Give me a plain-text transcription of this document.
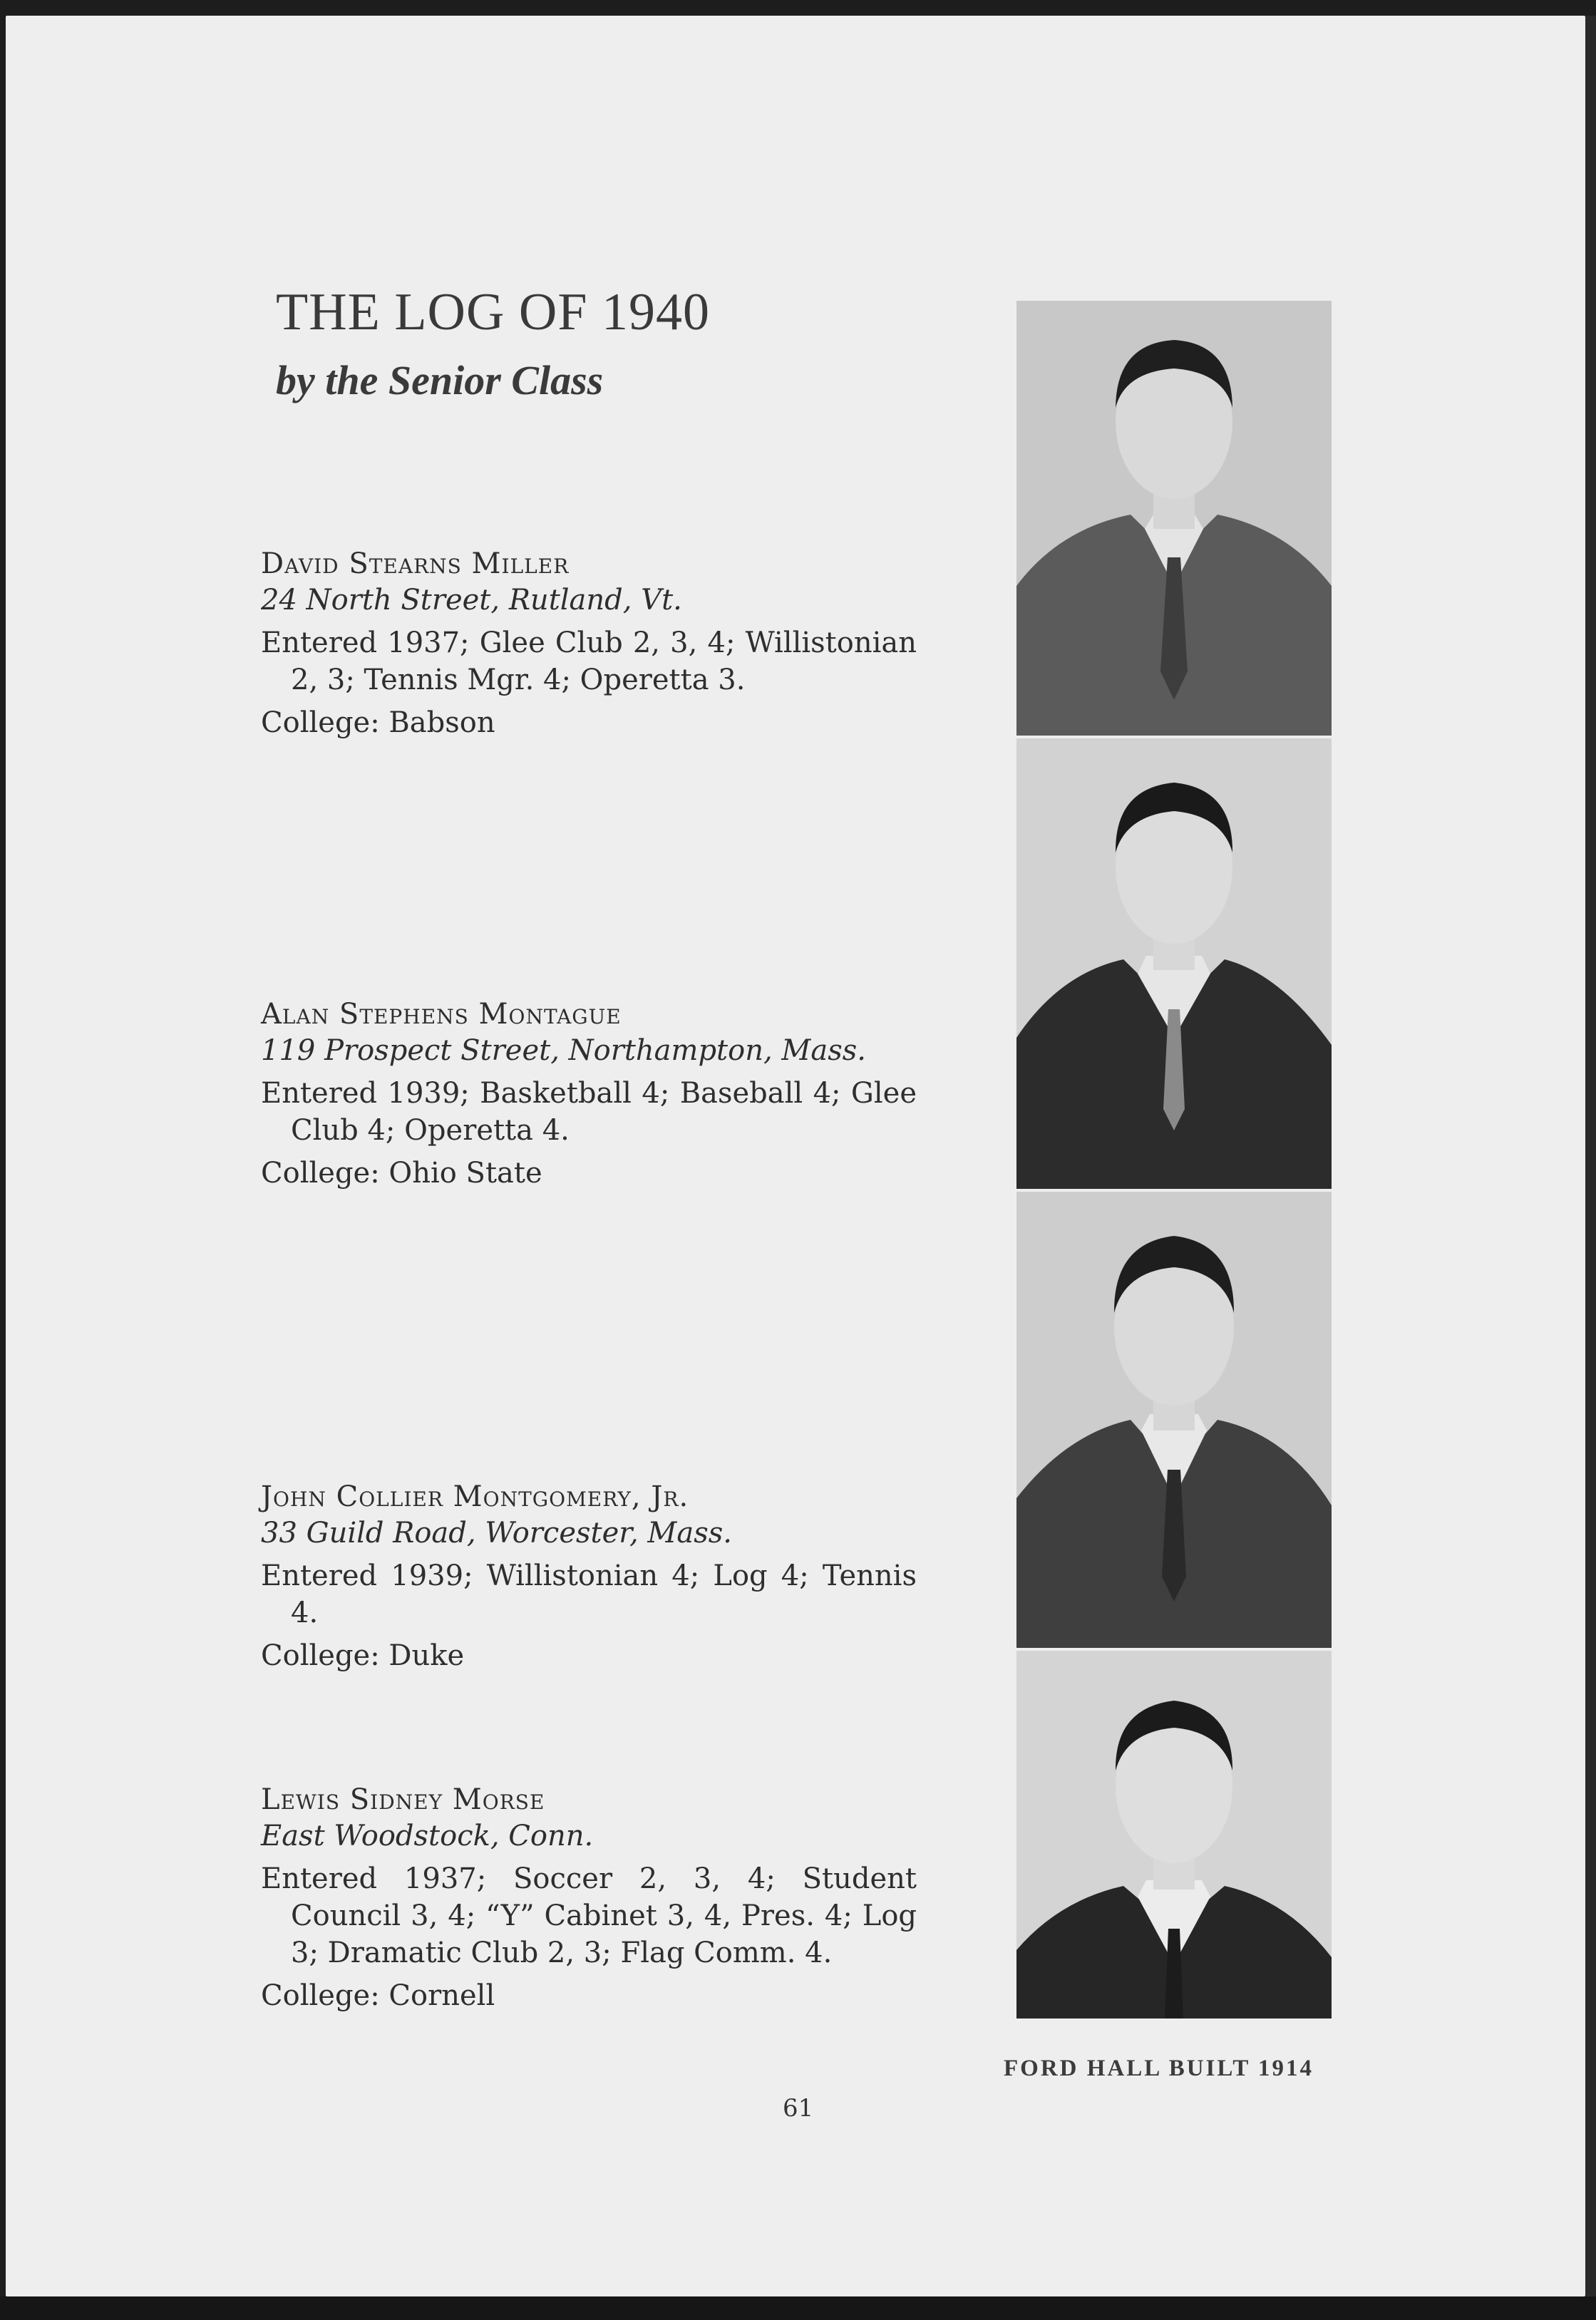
THE LOG OF 1940
by the Senior Class
David Stearns Miller
24 North Street, Rutland, Vt.
Entered 1937; Glee Club 2, 3, 4; Willistonian 2, 3; Tennis Mgr. 4; Operetta 3.
College: Babson
Alan Stephens Montague
119 Prospect Street, Northampton, Mass.
Entered 1939; Basketball 4; Baseball 4; Glee Club 4; Operetta 4.
College: Ohio State
John Collier Montgomery, Jr.
33 Guild Road, Worcester, Mass.
Entered 1939; Willistonian 4; Log 4; Tennis 4.
College: Duke
Lewis Sidney Morse
East Woodstock, Conn.
Entered 1937; Soccer 2, 3, 4; Student Council 3, 4; “Y” Cabinet 3, 4, Pres. 4; Log 3; Dramatic Club 2, 3; Flag Comm. 4.
College: Cornell
FORD HALL BUILT 1914
61
